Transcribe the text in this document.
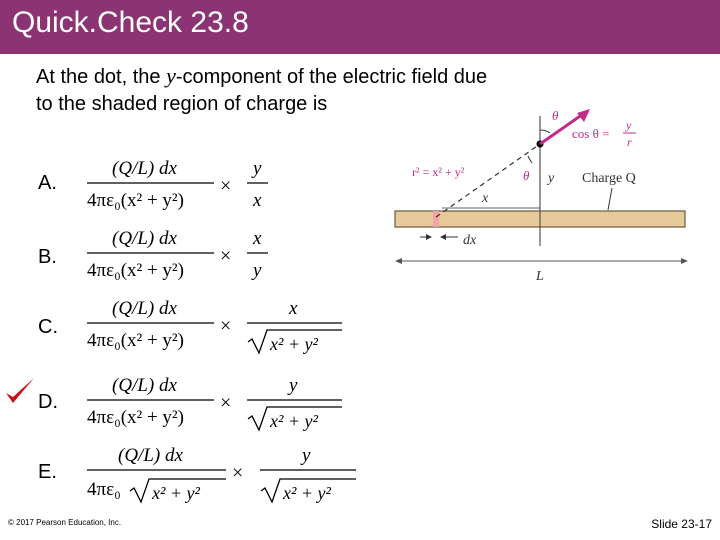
Quick.Check 23.8
At the dot, the y-component of the electric field due to the shaded region of charge is
θ
cos θ =
y
r
r² = x² + y²	θ y
x
Charge Q
dx
L
A.
B.
C.
D.
E.
(Q/L) dx
4πε₀(x² + y²)
×
y
x
(Q/L) dx
4πε₀(x² + y²)
×
x
y
(Q/L) dx
4πε₀(x² + y²)
×
x
x² + y²
(Q/L) dx
4πε₀(x² + y²)
×
y
x² + y²
(Q/L) dx
4πε₀ x² + y²
×
y
x² + y²
© 2017 Pearson Education, Inc.	Slide 23-17
